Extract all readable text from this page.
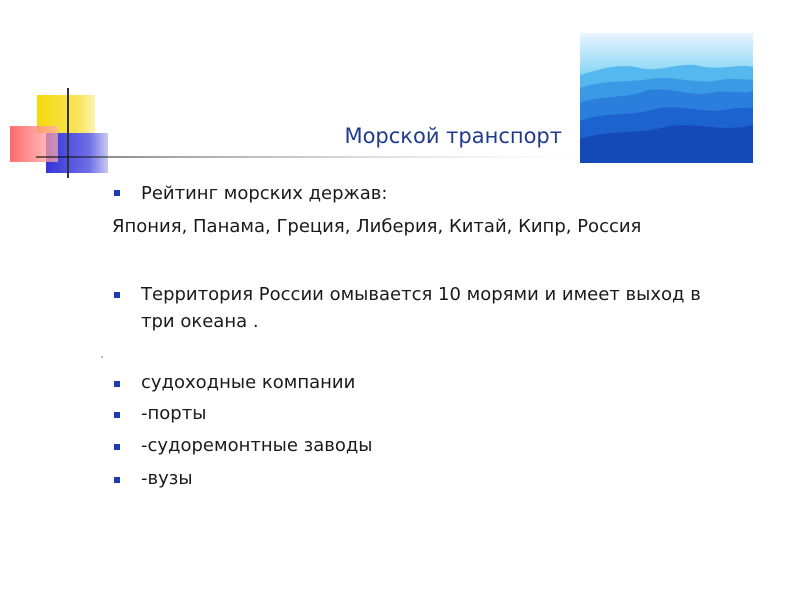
Морской транспорт
Рейтинг морских держав:
Япония, Панама, Греция, Либерия, Китай, Кипр, Россия
Территория России омывается 10 морями и имеет выход в
три океана .
судоходные компании
-порты
-судоремонтные заводы
-вузы
